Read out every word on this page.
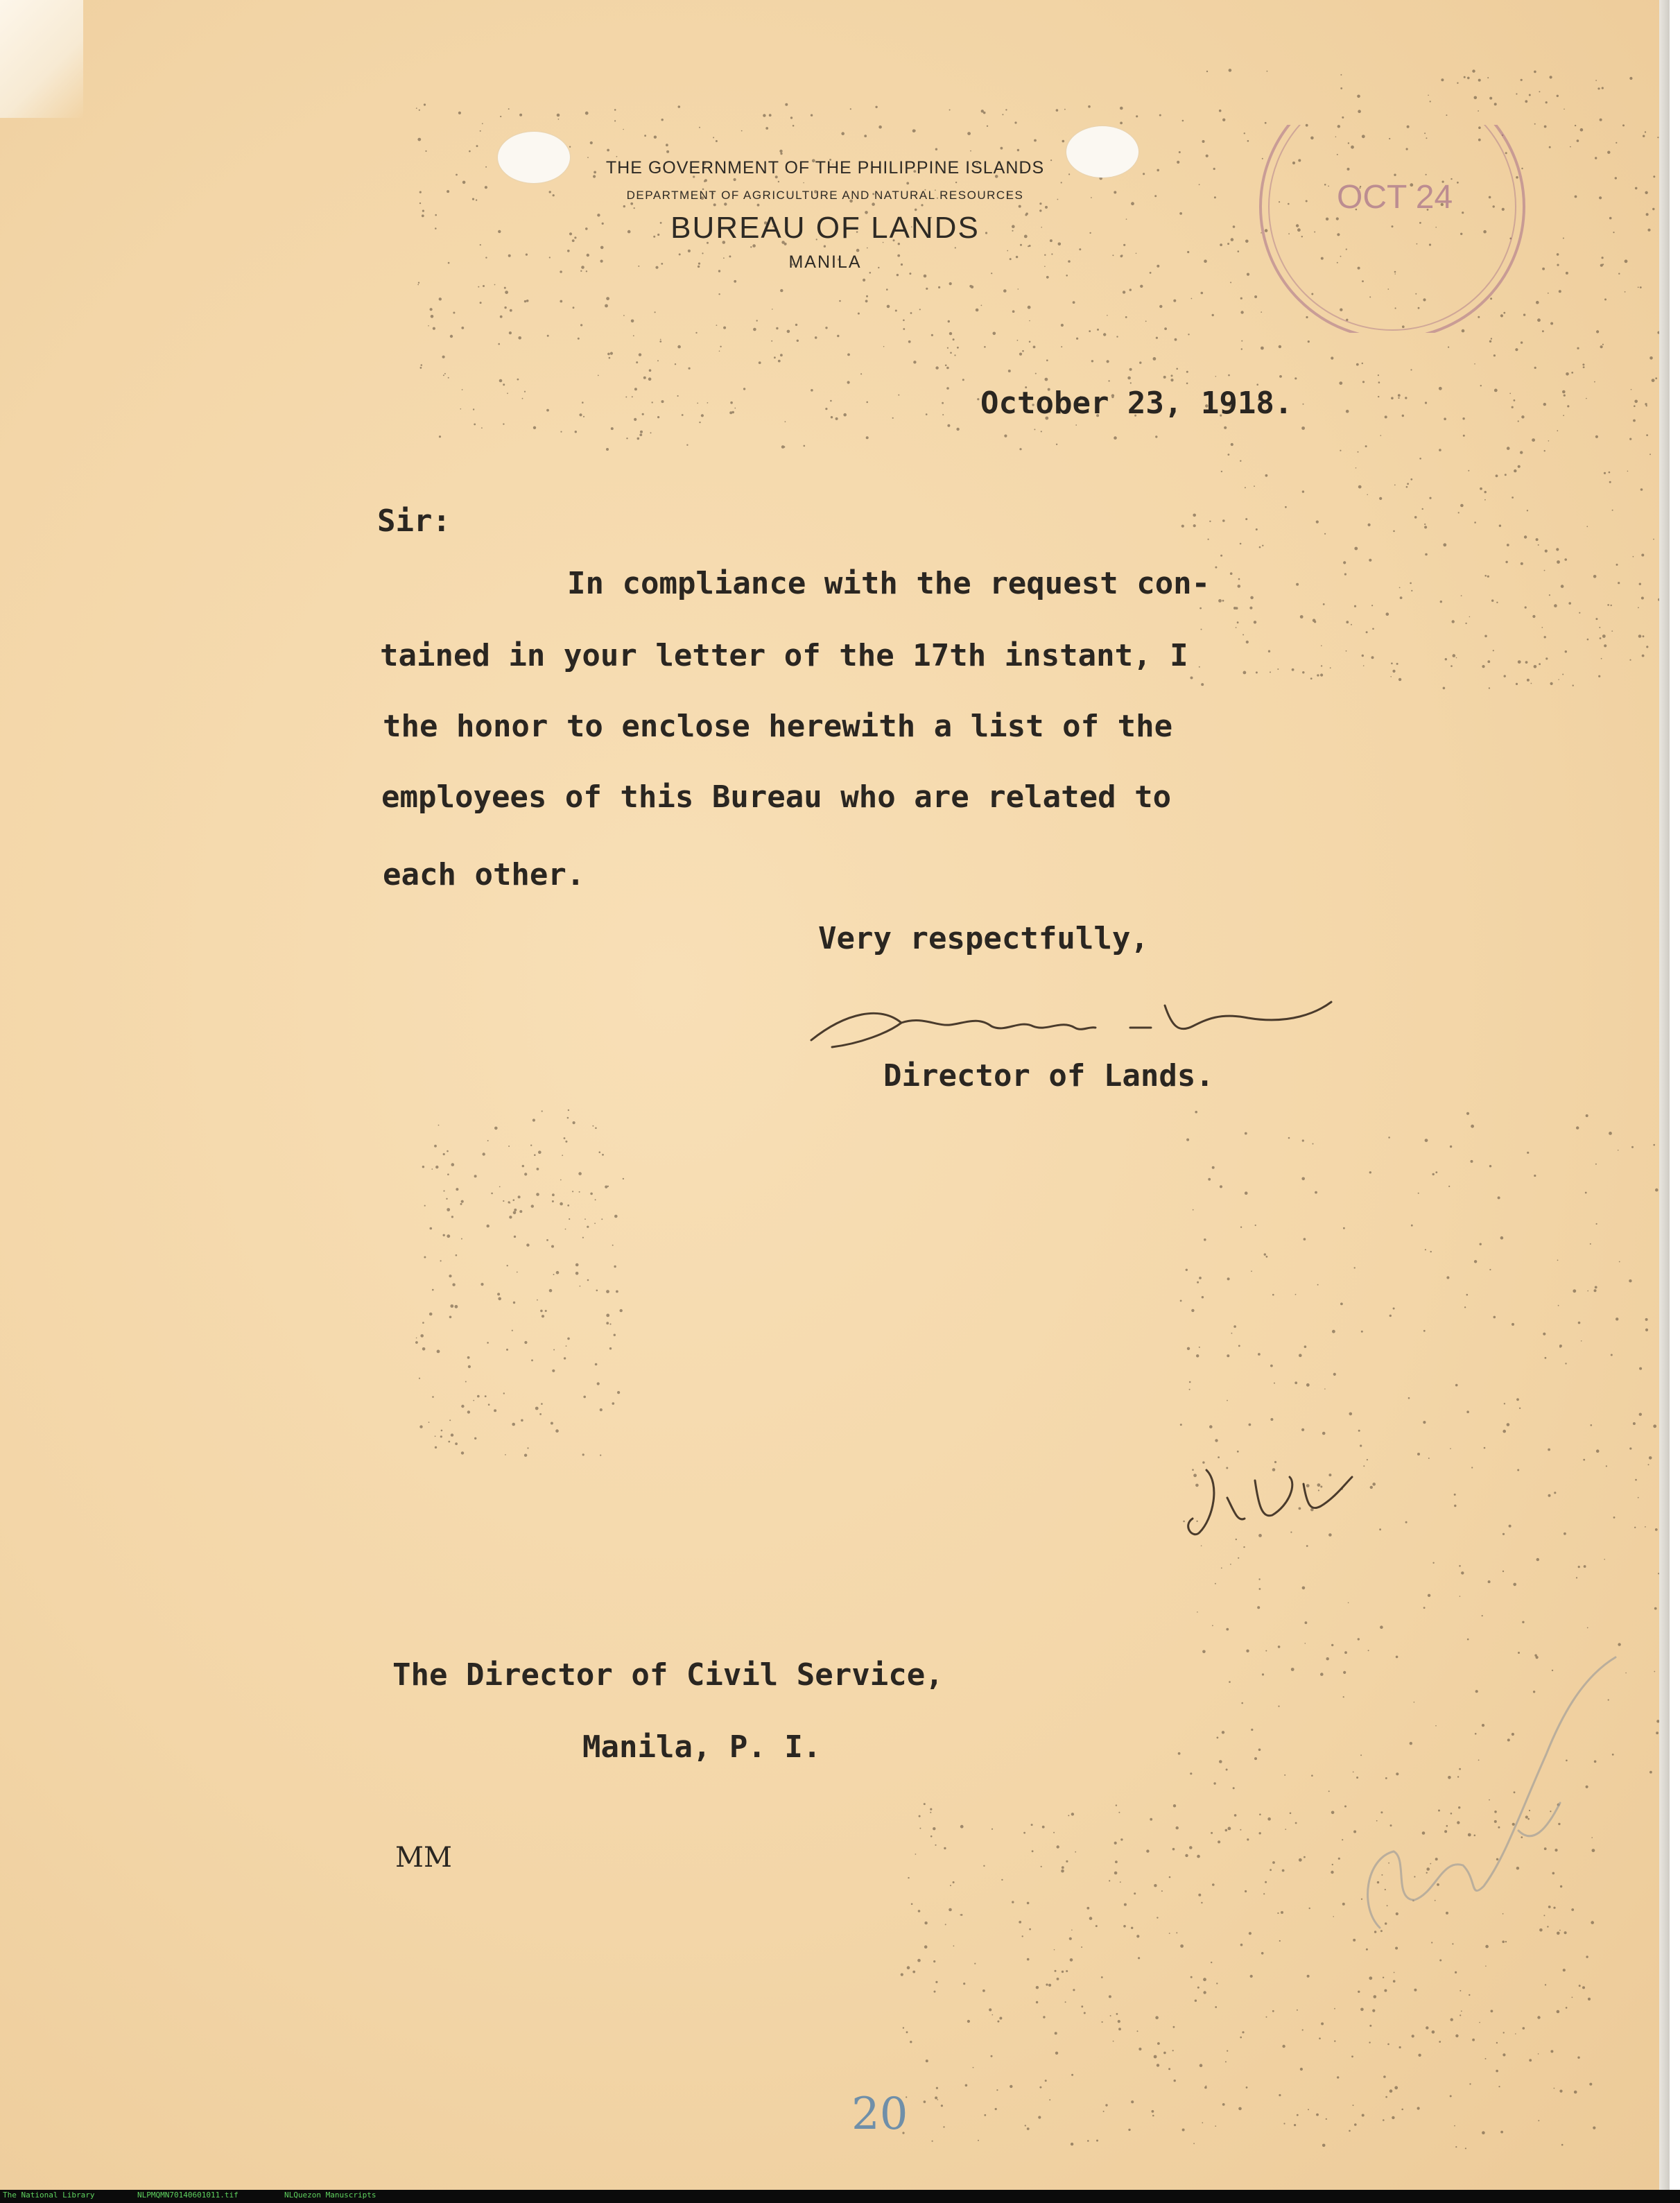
THE GOVERNMENT OF THE PHILIPPINE ISLANDS
DEPARTMENT OF AGRICULTURE AND NATURAL RESOURCES
BUREAU OF LANDS
MANILA
OCT 24
October 23, 1918.
Sir:
In compliance with the request con-
tained in your letter of the 17th instant, I
the honor to enclose herewith a list of the
employees of this Bureau who are related to
each other.
Very respectfully,
Director of Lands.
The Director of Civil Service,
Manila, P. I.
MM
20
The National Library	NLPMQMN70140601011.tif	NLQuezon Manuscripts
